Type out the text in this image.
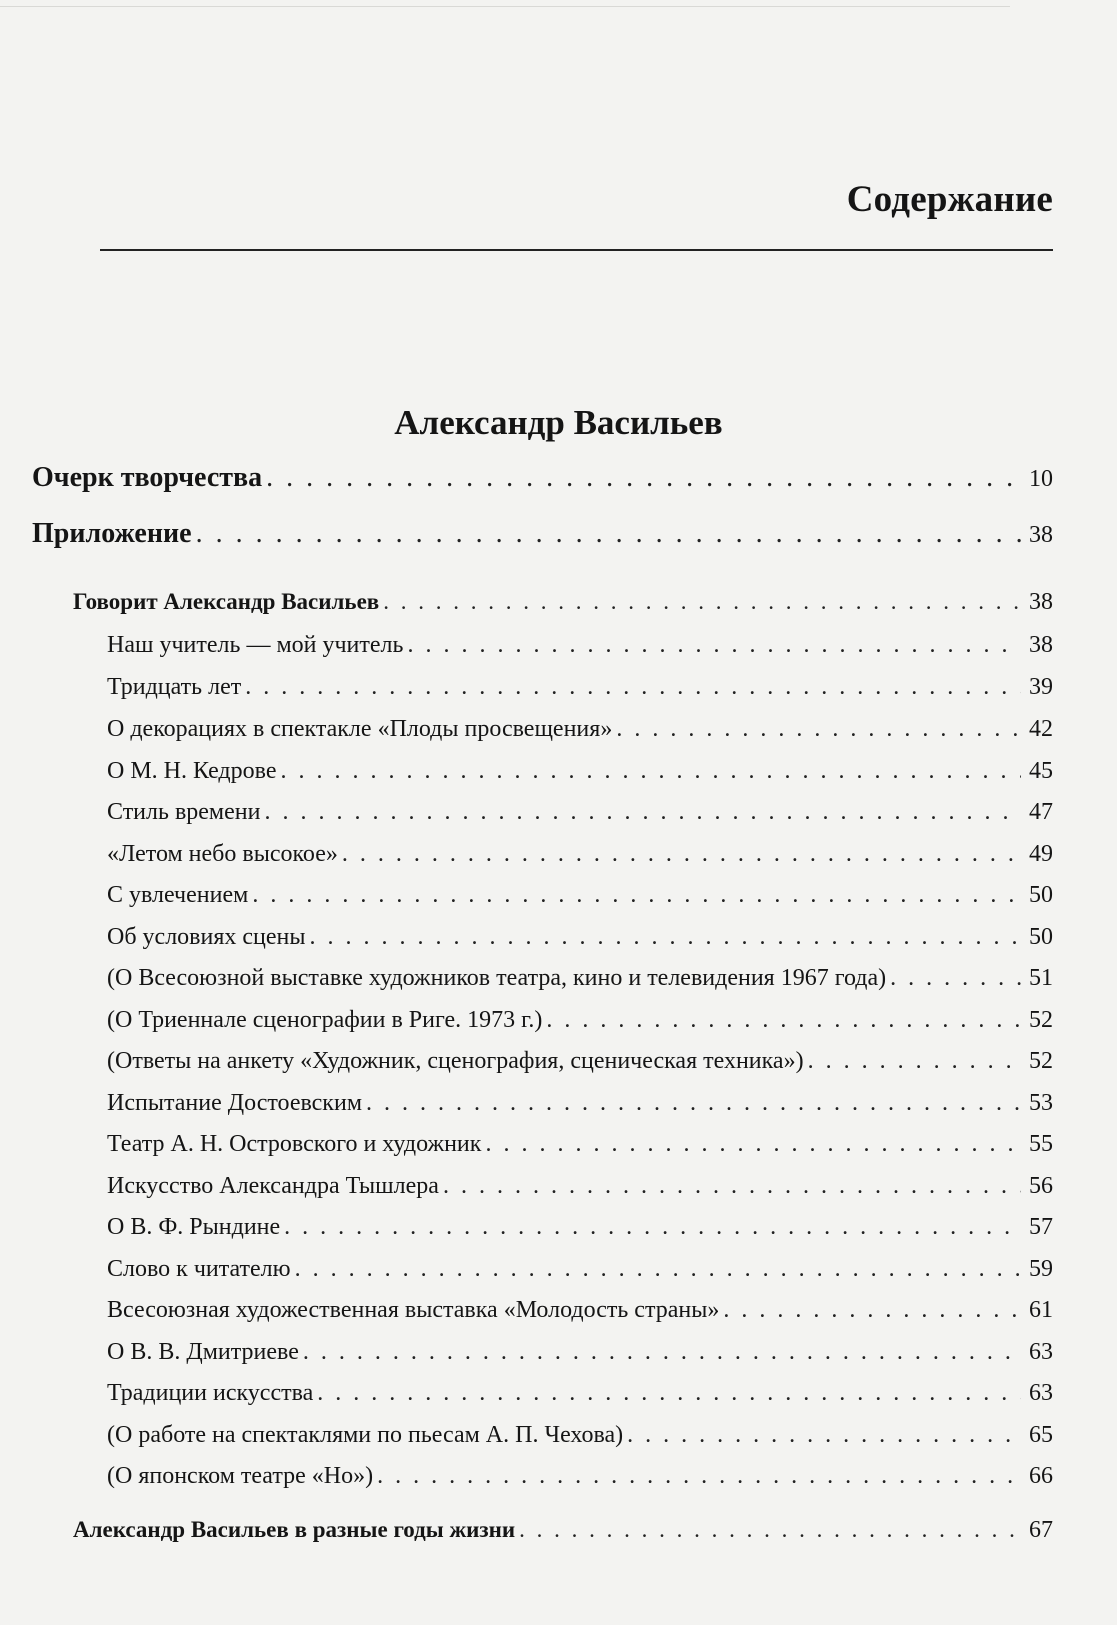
Содержание
Александр Васильев
Очерк творчества . . .	10
Приложение . . .	38
Говорит Александр Васильев . . .	38
Наш учитель — мой учитель . . .	38
Тридцать лет . . .	39
О декорациях в спектакле «Плоды просвещения» . . .	42
О М. Н. Кедрове . . .	45
Стиль времени . . .	47
«Летом небо высокое» . . .	49
С увлечением . . .	50
Об условиях сцены . . .	50
(О Всесоюзной выставке художников театра, кино и телевидения 1967 года) . . .	51
(О Триеннале сценографии в Риге. 1973 г.) . . .	52
(Ответы на анкету «Художник, сценография, сценическая техника») . . .	52
Испытание Достоевским . . .	53
Театр А. Н. Островского и художник . . .	55
Искусство Александра Тышлера . . .	56
О В. Ф. Рындине . . .	57
Слово к читателю . . .	59
Всесоюзная художественная выставка «Молодость страны» . . .	61
О В. В. Дмитриеве . . .	63
Традиции искусства . . .	63
(О работе на спектаклями по пьесам А. П. Чехова) . . .	65
(О японском театре «Но») . . .	66
Александр Васильев в разные годы жизни . . .	67
